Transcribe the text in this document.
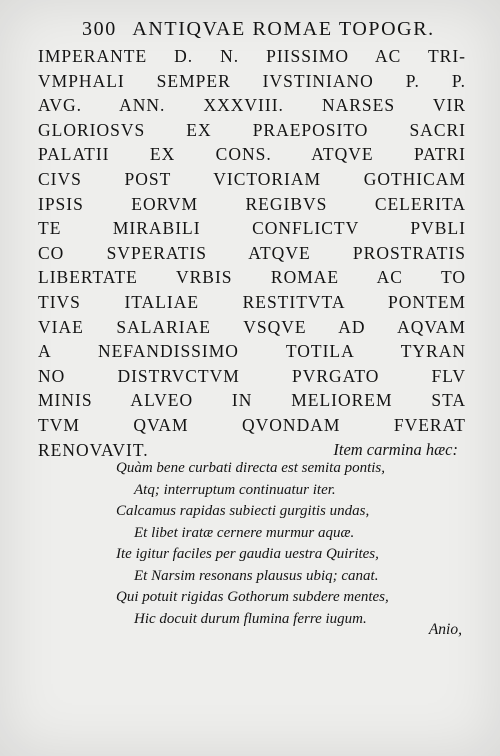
300 ANTIQVAE ROMAE TOPOGR.
IMPERANTE D. N. PIISSIMO AC TRI-
VMPHALI SEMPER IVSTINIANO P. P.
AVG. ANN. XXXVIII. NARSES VIR
GLORIOSVS EX PRAEPOSITO SACRI
PALATII EX CONS. ATQVE PATRI
CIVS POST VICTORIAM GOTHICAM
IPSIS EORVM REGIBVS CELERITA
TE MIRABILI CONFLICTV PVBLI
CO SVPERATIS ATQVE PROSTRATIS
LIBERTATE VRBIS ROMAE AC TO
TIVS ITALIAE RESTITVTA PONTEM
VIAE SALARIAE VSQVE AD AQVAM
A NEFANDISSIMO TOTILA TYRAN
NO DISTRVCTVM PVRGATO FLV
MINIS ALVEO IN MELIOREM STA
TVM QVAM QVONDAM FVERAT
RENOVAVIT.	Item carmina hæc:
Quàm bene curbati directa est semita pontis,
Atq; interruptum continuatur iter.
Calcamus rapidas subiecti gurgitis undas,
Et libet iratæ cernere murmur aquæ.
Ite igitur faciles per gaudia uestra Quirites,
Et Narsim resonans plausus ubiq; canat.
Qui potuit rigidas Gothorum subdere mentes,
Hic docuit durum flumina ferre iugum.
Anio,
